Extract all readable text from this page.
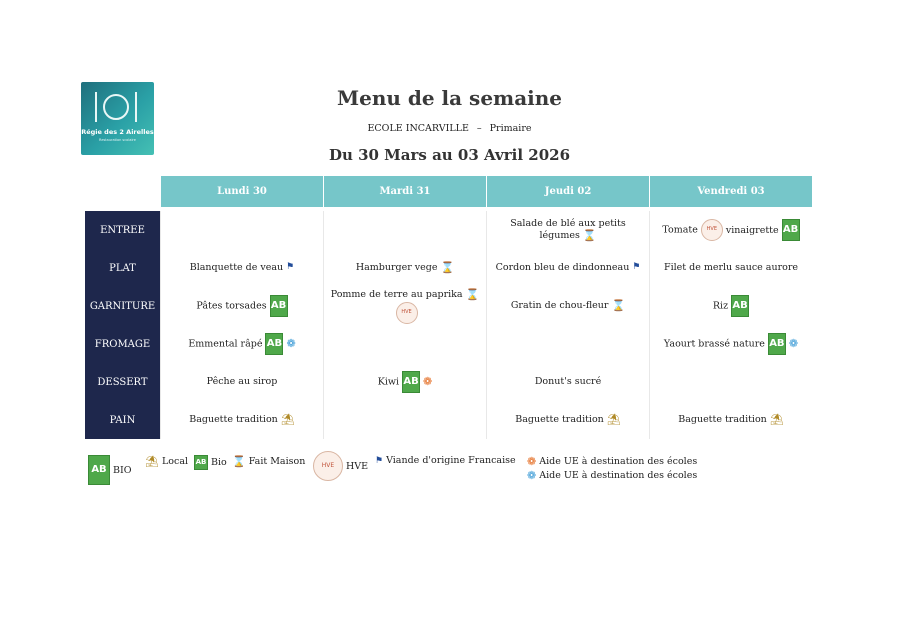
Régie des 2 Airelles
Restauration scolaire
Menu de la semaine
ECOLE INCARVILLE – Primaire
Du 30 Mars au 03 Avril 2026
	Lundi 30	Mardi 31	Jeudi 02	Vendredi 03

ENTREE			Salade de blé aux petits légumes ⌛	Tomate HVE vinaigrette AB
PLAT	Blanquette de veau ⚑	Hamburger vege ⌛	Cordon bleu de dindonneau ⚑	Filet de merlu sauce aurore
GARNITURE	Pâtes torsades AB	Pomme de terre au paprika ⌛HVE	Gratin de chou-fleur ⌛	Riz AB
FROMAGE	Emmental râpé AB ❁			Yaourt brassé nature AB ❁
DESSERT	Pêche au sirop	Kiwi AB ❁	Donut's sucré	
PAIN	Baguette tradition ⛱		Baguette tradition ⛱	Baguette tradition ⛱
AB BIO
⛱ Local AB Bio ⌛ Fait Maison	HVE	HVE ⚑ Viande d'origine Francaise ❁ Aide UE à destination des écoles
❁ Aide UE à destination des écoles
